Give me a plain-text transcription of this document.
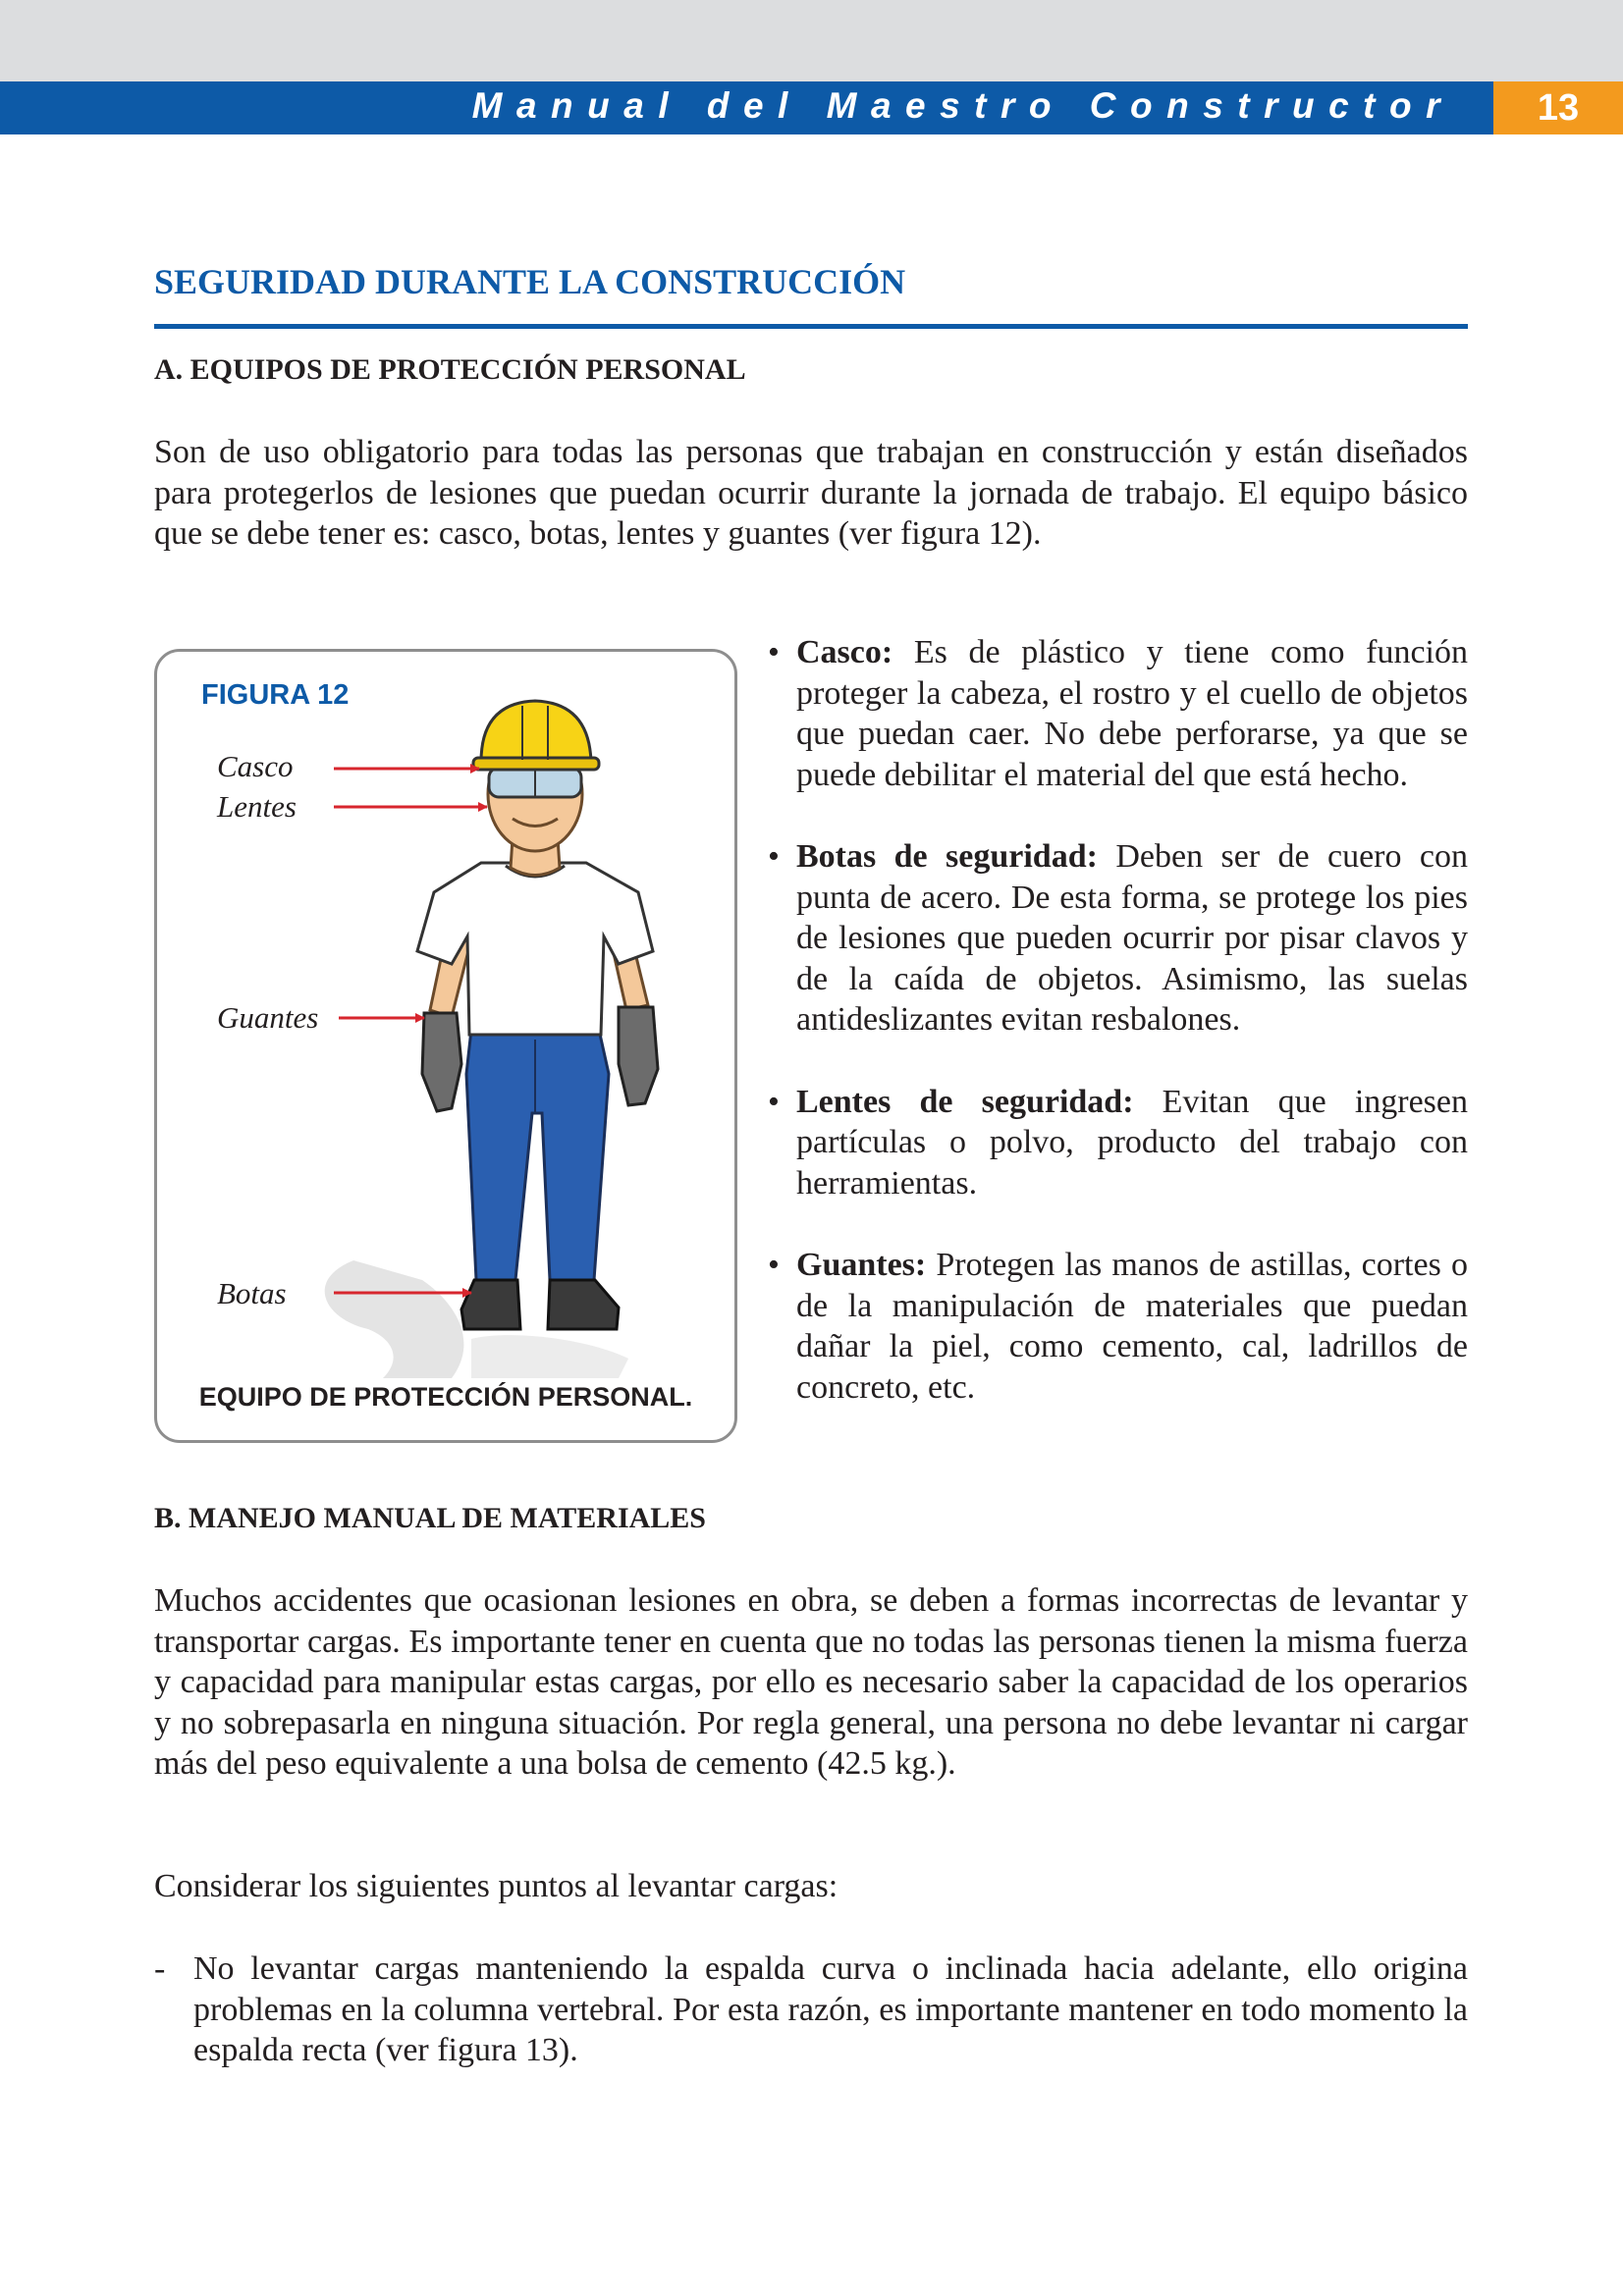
Manual del Maestro Constructor	13
SEGURIDAD DURANTE LA CONSTRUCCIÓN
A. EQUIPOS DE PROTECCIÓN PERSONAL

Son de uso obligatorio para todas las personas que trabajan en construcción y están diseñados para protegerlos de lesiones que puedan ocurrir durante la jornada de trabajo. El equipo básico que se debe tener es: casco, botas, lentes y guantes (ver figura 12).

FIGURA 12
Casco
Lentes
Guantes
Botas
EQUIPO DE PROTECCIÓN PERSONAL.
• Casco: Es de plástico y tiene como función proteger la cabeza, el rostro y el cuello de objetos que puedan caer. No debe perforarse, ya que se puede debilitar el material del que está hecho.
• Botas de seguridad: Deben ser de cuero con punta de acero. De esta forma, se protege los pies de lesiones que pueden ocurrir por pisar clavos y de la caída de objetos. Asimismo, las suelas antideslizantes evitan resbalones.
• Lentes de seguridad: Evitan que ingresen partículas o polvo, producto del trabajo con herramientas.
• Guantes: Protegen las manos de astillas, cortes o de la manipulación de materiales que puedan dañar la piel, como cemento, cal, ladrillos de concreto, etc.
B. MANEJO MANUAL DE MATERIALES

Muchos accidentes que ocasionan lesiones en obra, se deben a formas incorrectas de levantar y transportar cargas. Es importante tener en cuenta que no todas las personas tienen la misma fuerza y capacidad para manipular estas cargas, por ello es necesario saber la capacidad de los operarios y no sobrepasarla en ninguna situación. Por regla general, una persona no debe levantar ni cargar más del peso equivalente a una bolsa de cemento (42.5 kg.).

Considerar los siguientes puntos al levantar cargas:

- No levantar cargas manteniendo la espalda curva o inclinada hacia adelante, ello origina problemas en la columna vertebral. Por esta razón, es importante mantener en todo momento la espalda recta (ver figura 13).
